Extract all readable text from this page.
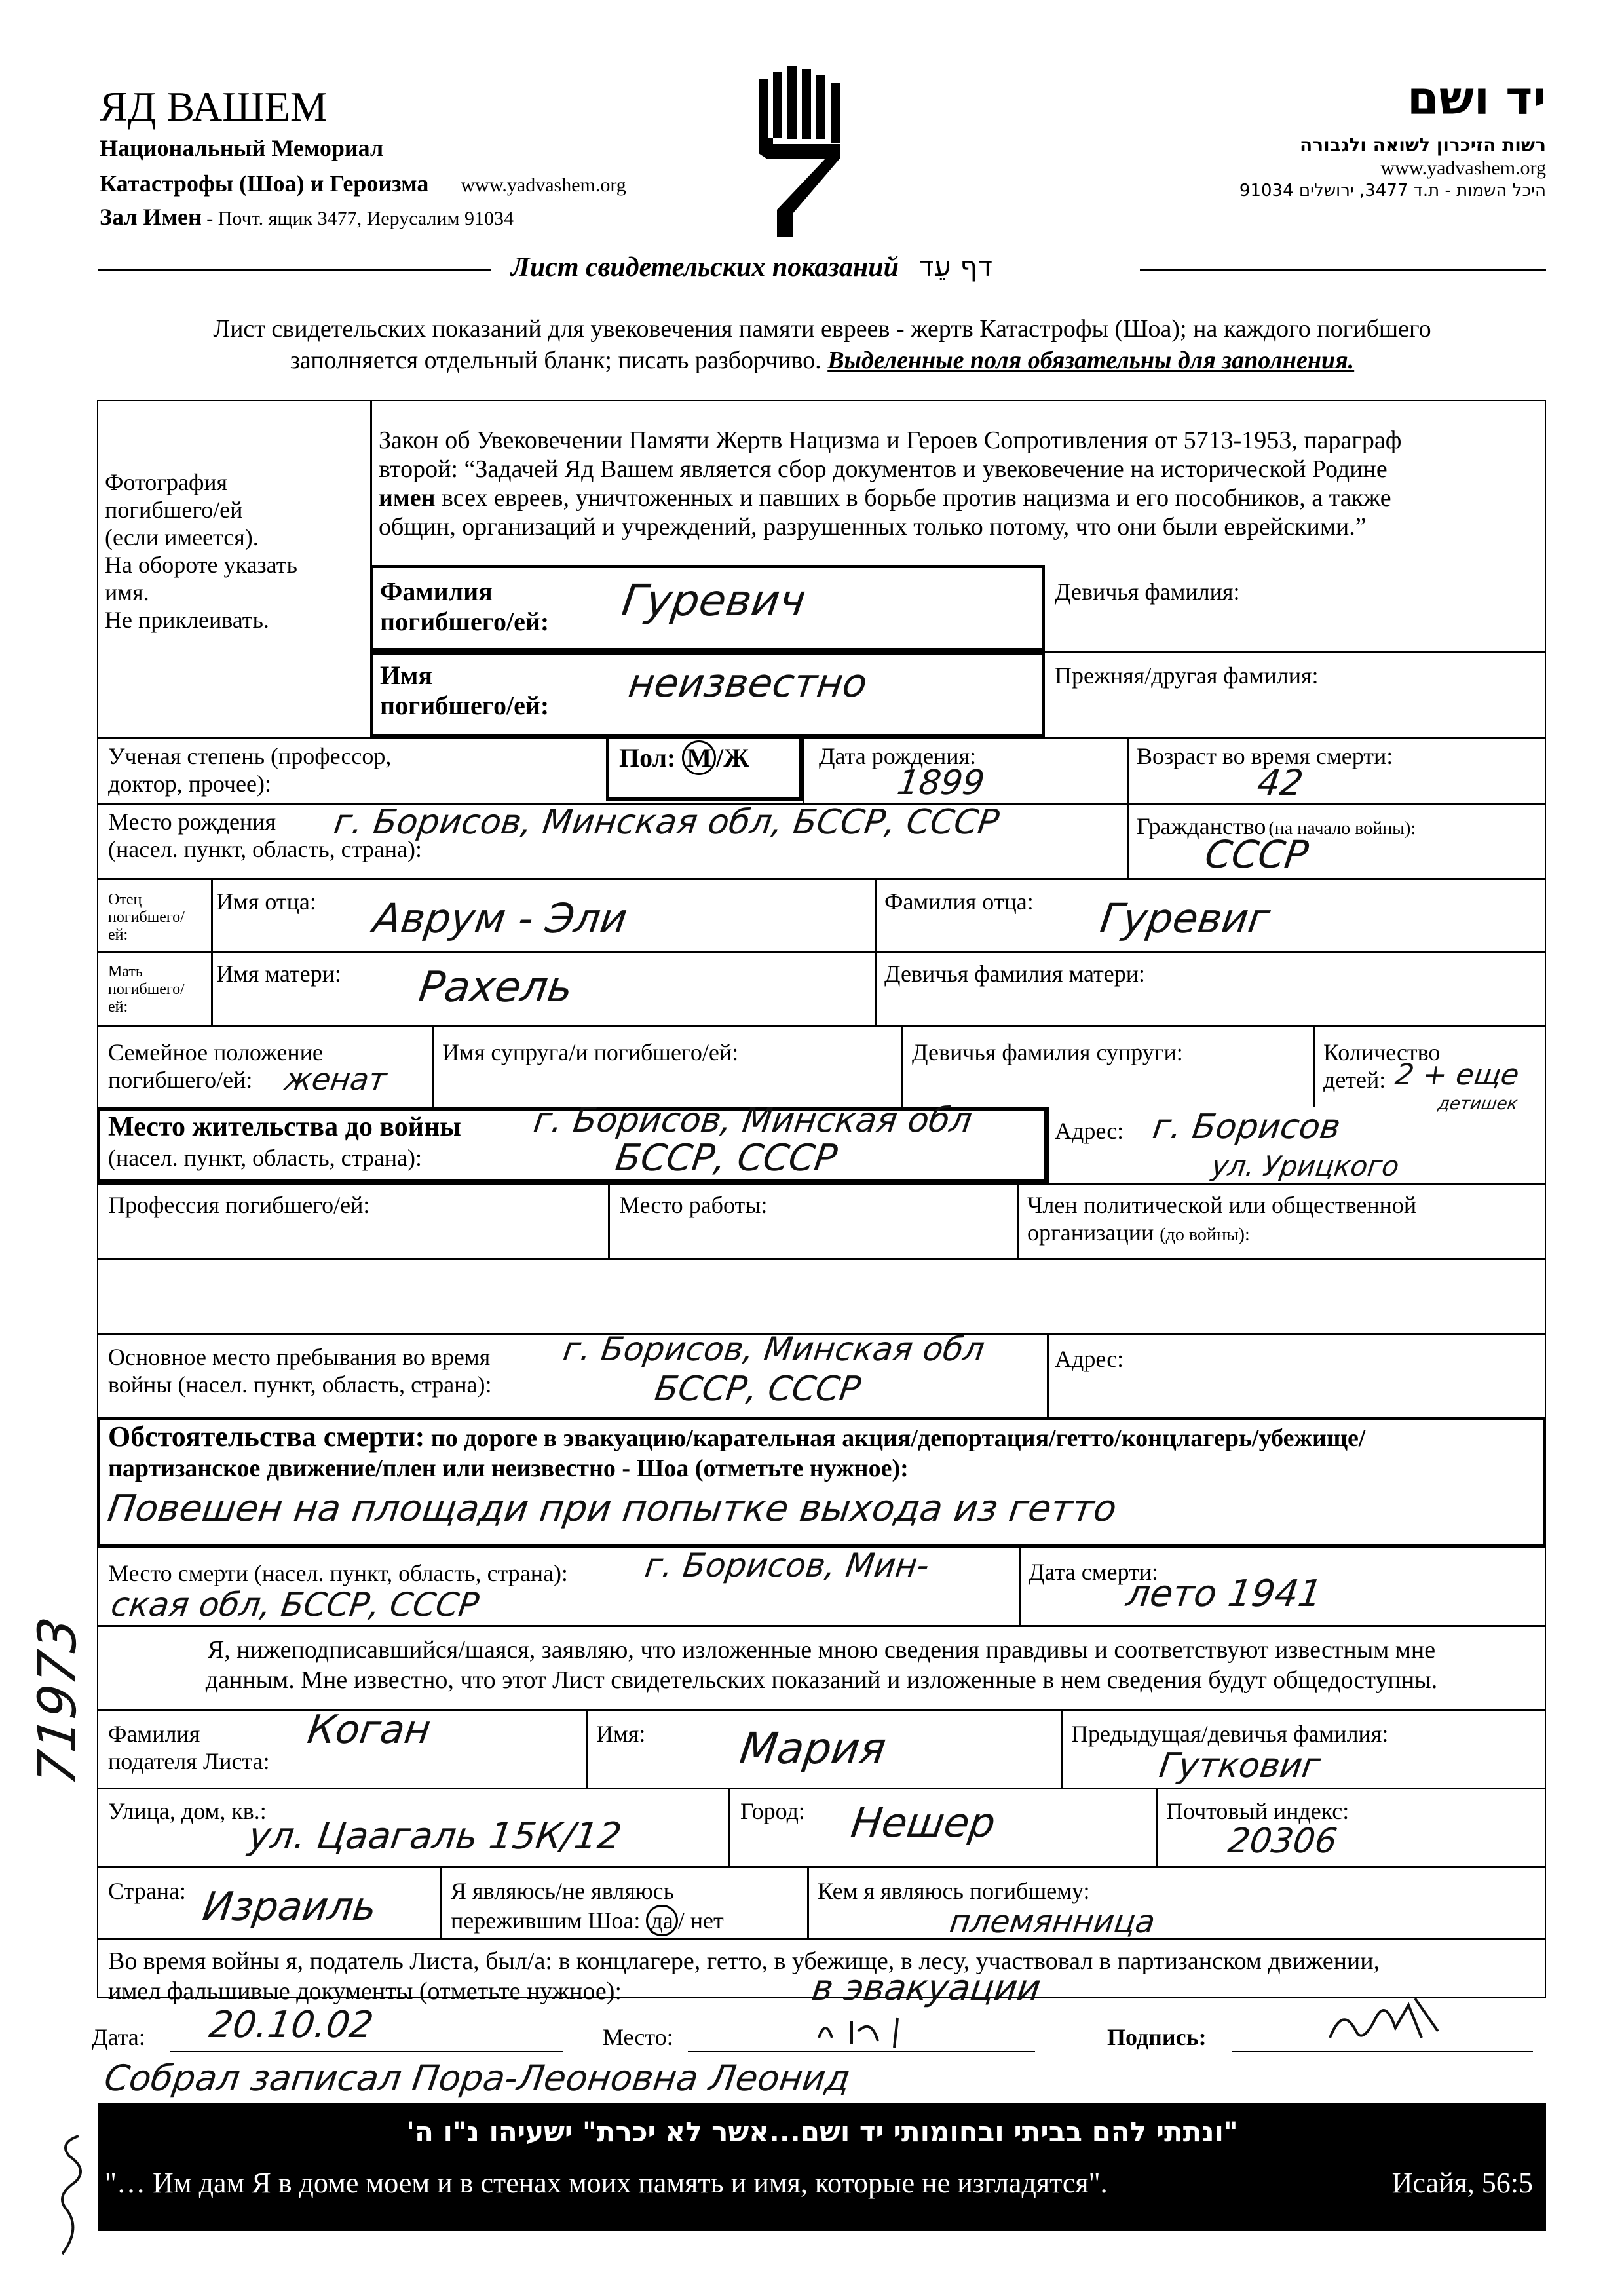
ЯД ВАШЕМ
Национальный Мемориал
Катастрофы (Шоа) и Героизма www.yadvashem.org
Зал Имен - Почт. ящик 3477, Иерусалим 91034
יד ושם
רשות הזיכרון לשואה ולגבורה
www.yadvashem.org
היכל השמות - ת.ד 3477, ירושלים 91034
Лист свидетельских показаний דף עֵד
Лист свидетельских показаний для увековечения памяти евреев - жертв Катастрофы (Шоа); на каждого погибшего
заполняется отдельный бланк; писать разборчиво. Выделенные поля обязательны для заполнения.
Фотография
погибшего/ей
(если имеется).
На обороте указать
имя.
Не приклеивать.
Закон об Увековечении Памяти Жертв Нацизма и Героев Сопротивления от 5713-1953, параграф
второй: “Задачей Яд Вашем является сбор документов и увековечение на исторической Родине
имен всех евреев, уничтоженных и павших в борьбе против нацизма и его пособников, а также
общин, организаций и учреждений, разрушенных только потому, что они были еврейскими.”
Фамилия
погибшего/ей: Гуревич	Девичья фамилия:
Имя
погибшего/ей: неизвестно	Прежняя/другая фамилия:
Ученая степень (профессор,
доктор, прочее):
Пол: М /Ж	Дата рождения:
1899
Возраст во время смерти:
42
Место рождения
(насел. пункт, область, страна):
г. Борисов, Минская обл, БССР, СССР	Гражданство (на начало войны):
СССР
Отец
погибшего/
ей:
Имя отца: Аврум - Эли	Фамилия отца: Гуревиг
Мать
погибшего/
ей:
Имя матери: Рахель	Девичья фамилия матери:
Семейное положение
погибшего/ей: женат
Имя супруга/и погибшего/ей:	Девичья фамилия супруги:	Количество
детей: 2 + еще
детишек
Место жительства до войны
(насел. пункт, область, страна):
г. Борисов, Минская обл
БССР, СССР
Адрес: г. Борисов
ул. Урицкого
Профессия погибшего/ей:	Место работы:	Член политической или общественной
организации (до войны):
Основное место пребывания во время
войны (насел. пункт, область, страна):
г. Борисов, Минская обл
БССР, СССР
Адрес:
Обстоятельства смерти: по дороге в эвакуацию/карательная акция/депортация/гетто/концлагерь/убежище/
партизанское движение/плен или неизвестно - Шоа (отметьте нужное):
Повешен на площади при попытке выхода из гетто
Место смерти (насел. пункт, область, страна): г. Борисов, Мин-
ская обл, БССР, СССР
Дата смерти:
лето 1941
Я, нижеподписавшийся/шаяся, заявляю, что изложенные мною сведения правдивы и соответствуют известным мне
данным. Мне известно, что этот Лист свидетельских показаний и изложенные в нем сведения будут общедоступны.
Фамилия
подателя Листа:
Коган	Имя: Мария	Предыдущая/девичья фамилия:
Гутковиг
Улица, дом, кв.:
ул. Цаагаль 15К/12
Город: Нешер	Почтовый индекс:
20306
Страна: Израиль	Я являюсь/не являюсь
пережившим Шоа: да / нет
Кем я являюсь погибшему:
племянница
Во время войны я, податель Листа, был/а: в концлагере, гетто, в убежище, в лесу, участвовал в партизанском движении,
имел фальшивые документы (отметьте нужное):	в эвакуации
Дата: 20.10.02	Место:	Подпись:
Собрал записал Пора-Леоновна Леонид
71973
"ונתתי להם בביתי ובחומותי יד ושם...אשר לא יכרת" ישעיהו נ"ו ה'
"… Им дам Я в доме моем и в стенах моих память и имя, которые не изгладятся".	Исайя, 56:5
